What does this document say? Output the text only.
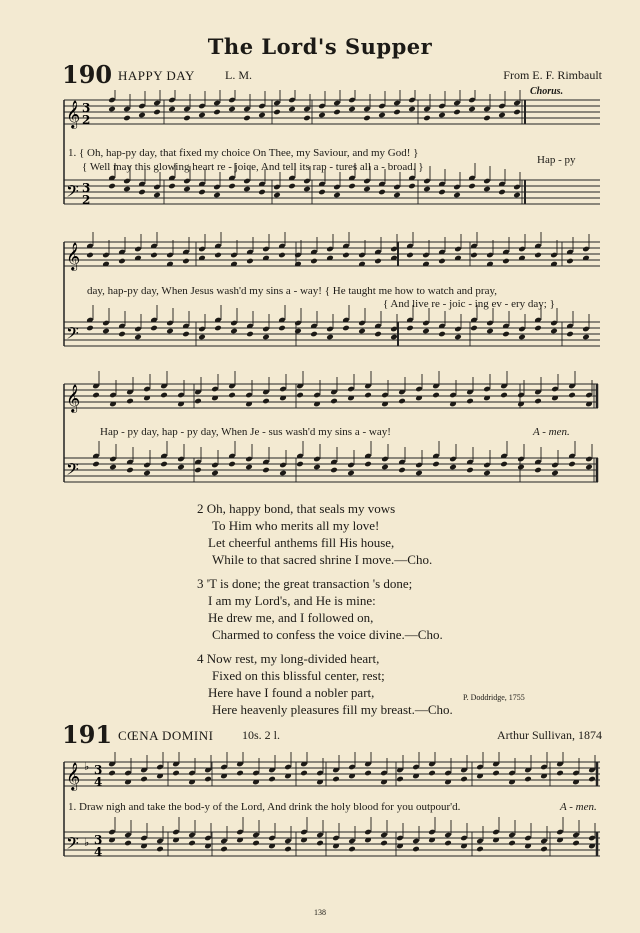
The Lord's Supper
190 HAPPY DAY	L. M.	From E. F. Rimbault
Chorus.
𝄞
𝄢
3
2
3
2
1. { Oh, hap-py day, that fixed my choice On Thee, my Saviour, and my God! }
{ Well may this glowing heart re - joice, And tell its rap - tures all a - broad. }
Hap - py
𝄞
𝄢
day, hap-py day, When Jesus wash'd my sins a - way! { He taught me how to watch and pray,
{ And live re - joic - ing ev - ery day; }
𝄞
𝄢
Hap - py day, hap - py day, When Je - sus wash'd my sins a - way!	A - men.
2 Oh, happy bond, that seals my vows
To Him who merits all my love!
Let cheerful anthems fill His house,
While to that sacred shrine I move.—Cho.
3 'T is done; the great transaction 's done;
I am my Lord's, and He is mine:
He drew me, and I followed on,
Charmed to confess the voice divine.—Cho.
4 Now rest, my long-divided heart,
Fixed on this blissful center, rest;
Here have I found a nobler part,
Here heavenly pleasures fill my breast.—Cho.
P. Doddridge, 1755
191 CŒNA DOMINI 10s. 2 l.	Arthur Sullivan, 1874
𝄞
𝄢
♭
♭
3
4
3
4
1. Draw nigh and take the bod-y of the Lord, And drink the holy blood for you outpour'd.	A - men.
138
